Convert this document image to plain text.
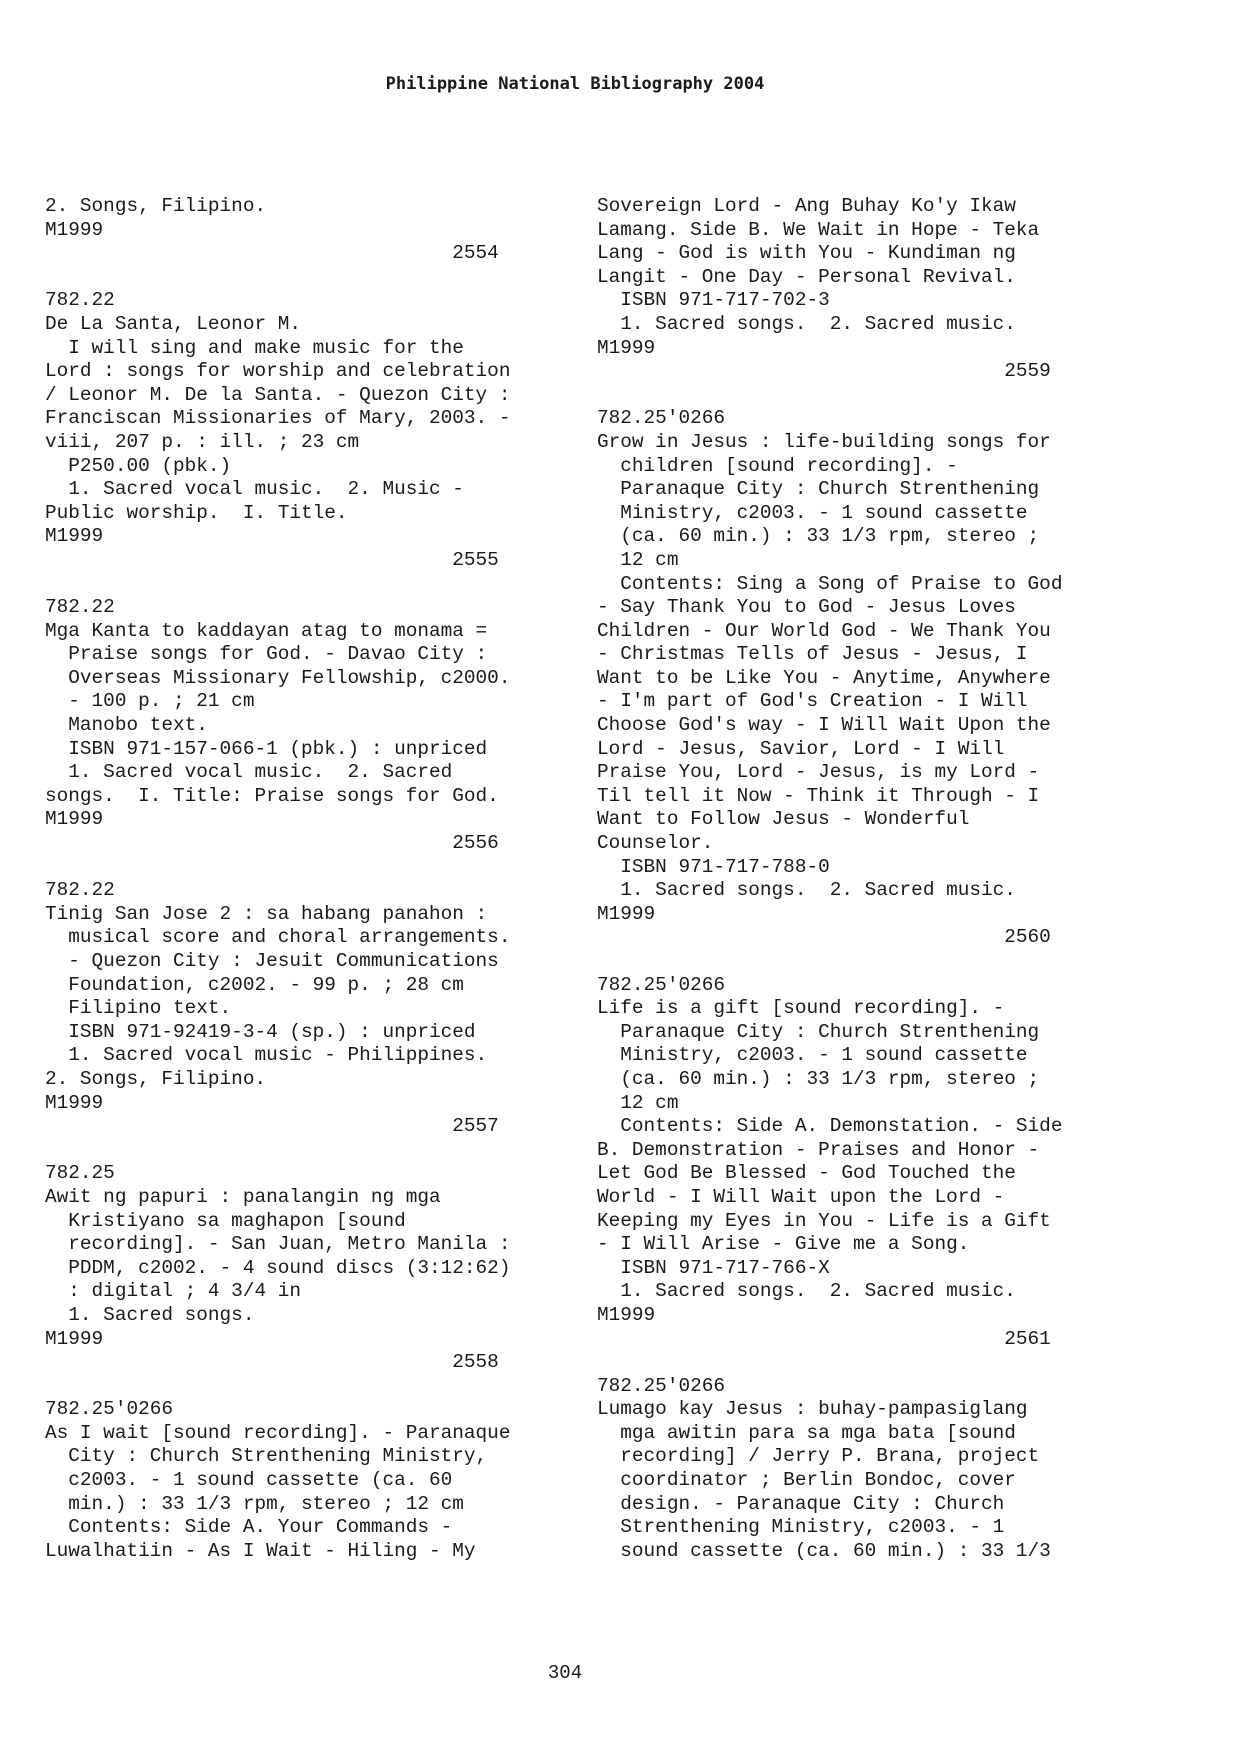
Philippine National Bibliography 2004
2. Songs, Filipino.
M1999
2554
782.22
De La Santa, Leonor M.
I will sing and make music for the
Lord : songs for worship and celebration
/ Leonor M. De la Santa. - Quezon City :
Franciscan Missionaries of Mary, 2003. -
viii, 207 p. : ill. ; 23 cm
P250.00 (pbk.)
1. Sacred vocal music.  2. Music -
Public worship.  I. Title.
M1999
2555
782.22
Mga Kanta to kaddayan atag to monama =
Praise songs for God. - Davao City :
Overseas Missionary Fellowship, c2000.
- 100 p. ; 21 cm
Manobo text.
ISBN 971-157-066-1 (pbk.) : unpriced
1. Sacred vocal music.  2. Sacred
songs.  I. Title: Praise songs for God.
M1999
2556
782.22
Tinig San Jose 2 : sa habang panahon :
musical score and choral arrangements.
- Quezon City : Jesuit Communications
Foundation, c2002. - 99 p. ; 28 cm
Filipino text.
ISBN 971-92419-3-4 (sp.) : unpriced
1. Sacred vocal music - Philippines.
2. Songs, Filipino.
M1999
2557
782.25
Awit ng papuri : panalangin ng mga
Kristiyano sa maghapon [sound
recording]. - San Juan, Metro Manila :
PDDM, c2002. - 4 sound discs (3:12:62)
: digital ; 4 3/4 in
1. Sacred songs.
M1999
2558
782.25'0266
As I wait [sound recording]. - Paranaque
City : Church Strenthening Ministry,
c2003. - 1 sound cassette (ca. 60
min.) : 33 1/3 rpm, stereo ; 12 cm
Contents: Side A. Your Commands -
Luwalhatiin - As I Wait - Hiling - My
Sovereign Lord - Ang Buhay Ko'y Ikaw
Lamang. Side B. We Wait in Hope - Teka
Lang - God is with You - Kundiman ng
Langit - One Day - Personal Revival.
ISBN 971-717-702-3
1. Sacred songs.  2. Sacred music.
M1999
2559
782.25'0266
Grow in Jesus : life-building songs for
children [sound recording]. -
Paranaque City : Church Strenthening
Ministry, c2003. - 1 sound cassette
(ca. 60 min.) : 33 1/3 rpm, stereo ;
12 cm
Contents: Sing a Song of Praise to God
- Say Thank You to God - Jesus Loves
Children - Our World God - We Thank You
- Christmas Tells of Jesus - Jesus, I
Want to be Like You - Anytime, Anywhere
- I'm part of God's Creation - I Will
Choose God's way - I Will Wait Upon the
Lord - Jesus, Savior, Lord - I Will
Praise You, Lord - Jesus, is my Lord -
Til tell it Now - Think it Through - I
Want to Follow Jesus - Wonderful
Counselor.
ISBN 971-717-788-0
1. Sacred songs.  2. Sacred music.
M1999
2560
782.25'0266
Life is a gift [sound recording]. -
Paranaque City : Church Strenthening
Ministry, c2003. - 1 sound cassette
(ca. 60 min.) : 33 1/3 rpm, stereo ;
12 cm
Contents: Side A. Demonstation. - Side
B. Demonstration - Praises and Honor -
Let God Be Blessed - God Touched the
World - I Will Wait upon the Lord -
Keeping my Eyes in You - Life is a Gift
- I Will Arise - Give me a Song.
ISBN 971-717-766-X
1. Sacred songs.  2. Sacred music.
M1999
2561
782.25'0266
Lumago kay Jesus : buhay-pampasiglang
mga awitin para sa mga bata [sound
recording] / Jerry P. Brana, project
coordinator ; Berlin Bondoc, cover
design. - Paranaque City : Church
Strenthening Ministry, c2003. - 1
sound cassette (ca. 60 min.) : 33 1/3
304
